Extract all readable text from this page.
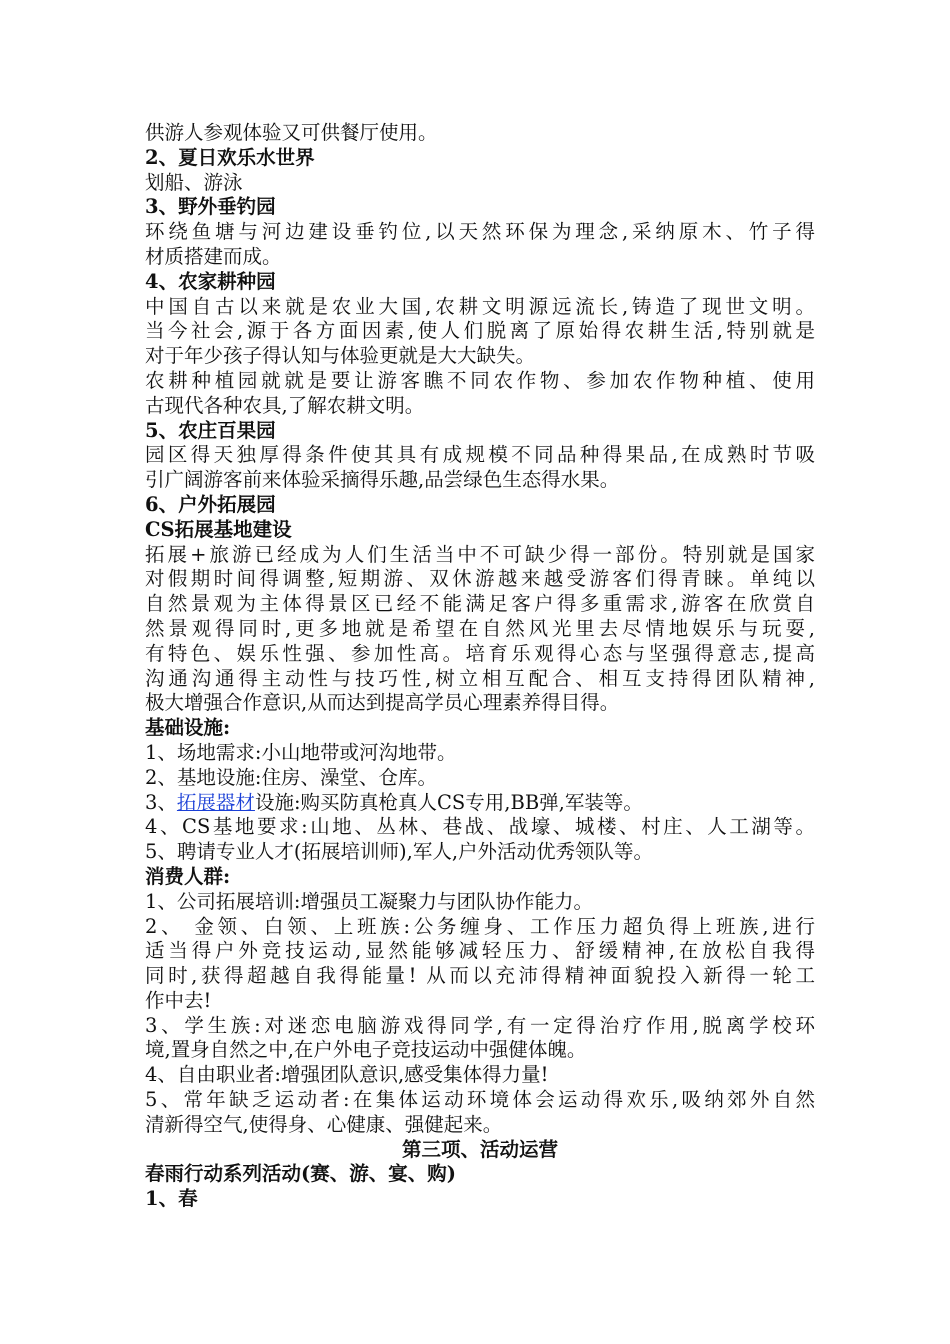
供游人参观体验又可供餐厅使用。
2、夏日欢乐水世界
划船、游泳
3、野外垂钓园
环绕鱼塘与河边建设垂钓位,以天然环保为理念,采纳原木、竹子得
材质搭建而成。
4、农家耕种园
中国自古以来就是农业大国,农耕文明源远流长,铸造了现世文明。
当今社会,源于各方面因素,使人们脱离了原始得农耕生活,特别就是
对于年少孩子得认知与体验更就是大大缺失。
农耕种植园就就是要让游客瞧不同农作物、参加农作物种植、使用
古现代各种农具,了解农耕文明。
5、农庄百果园
园区得天独厚得条件使其具有成规模不同品种得果品,在成熟时节吸
引广阔游客前来体验采摘得乐趣,品尝绿色生态得水果。
6、户外拓展园
CS拓展基地建设
拓展+旅游已经成为人们生活当中不可缺少得一部份。特别就是国家
对假期时间得调整,短期游、双休游越来越受游客们得青睐。单纯以
自然景观为主体得景区已经不能满足客户得多重需求,游客在欣赏自
然景观得同时,更多地就是希望在自然风光里去尽情地娱乐与玩耍,
有特色、娱乐性强、参加性高。培育乐观得心态与坚强得意志,提高
沟通沟通得主动性与技巧性,树立相互配合、相互支持得团队精神,
极大增强合作意识,从而达到提高学员心理素养得目得。
基础设施:
1、场地需求:小山地带或河沟地带。
2、基地设施:住房、澡堂、仓库。
3、拓展器材设施:购买防真枪真人CS专用,BB弹,军装等。
4、CS基地要求:山地、丛林、巷战、战壕、城楼、村庄、人工湖等。
5、聘请专业人才(拓展培训师),军人,户外活动优秀领队等。
消费人群:
1、公司拓展培训:增强员工凝聚力与团队协作能力。
2、 金领、白领、上班族:公务缠身、工作压力超负得上班族,进行
适当得户外竞技运动,显然能够减轻压力、舒缓精神,在放松自我得
同时,获得超越自我得能量! 从而以充沛得精神面貌投入新得一轮工
作中去!
3、学生族:对迷恋电脑游戏得同学,有一定得治疗作用,脱离学校环
境,置身自然之中,在户外电子竞技运动中强健体魄。
4、自由职业者:增强团队意识,感受集体得力量!
5、常年缺乏运动者:在集体运动环境体会运动得欢乐,吸纳郊外自然
清新得空气,使得身、心健康、强健起来。
第三项、活动运营
春雨行动系列活动(赛、游、宴、购)
1、春
